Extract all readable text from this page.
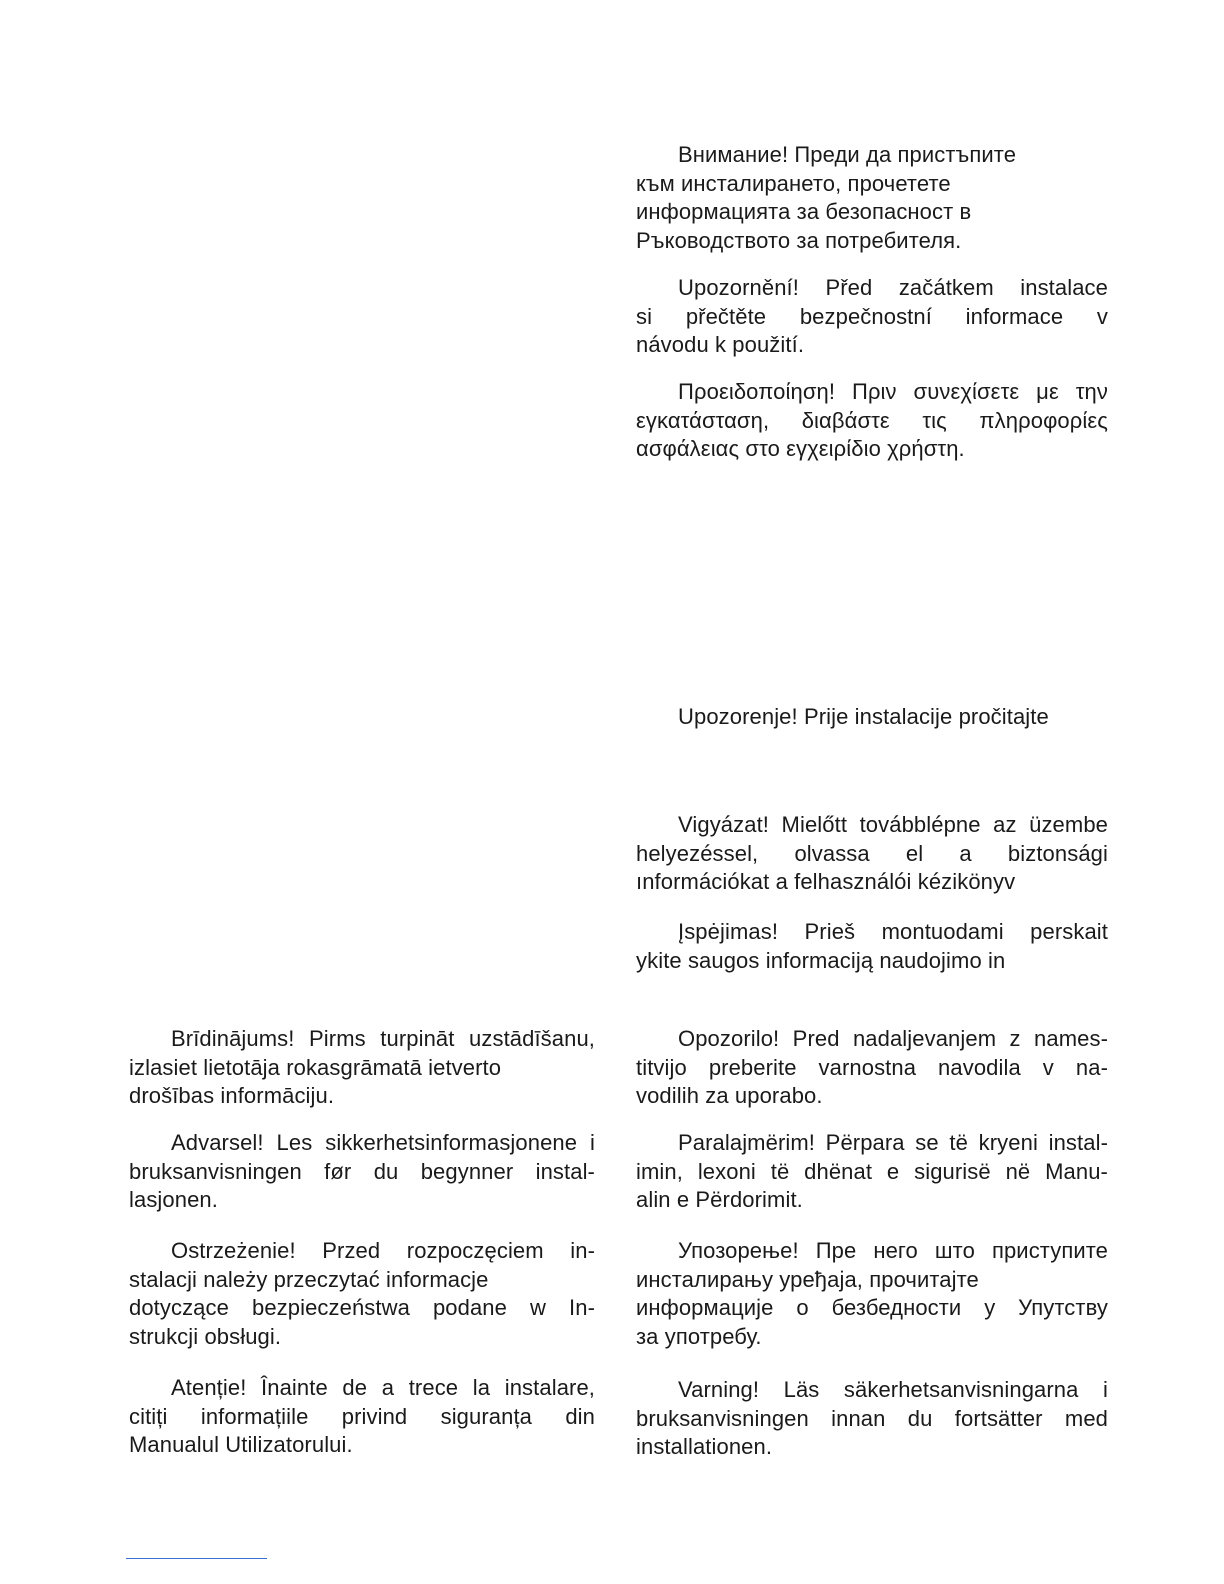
Внимание! Преди да пристъпите
към инсталирането, прочетете
информацията за безопасност в
Ръководството за потребителя.

Upozornění! Před začátkem instalace
si přečtěte bezpečnostní informace v
návodu k použití.

Προειδοποίηση! Πριν συνεχίσετε με την
εγκατάσταση, διαβάστε τις πληροφορίες
ασφάλειας στο εγχειρίδιο χρήστη.

Upozorenje! Prije instalacije pročitajte

Vigyázat! Mielőtt továbblépne az üzembe
helyezéssel, olvassa el a biztonsági
ınformációkat a felhasználói kézikönyv

Įspėjimas! Prieš montuodami perskait
ykite saugos informaciją naudojimo in

Opozorilo! Pred nadaljevanjem z names-
titvijo preberite varnostna navodila v na-
vodilih za uporabo.

Paralajmërim! Përpara se të kryeni instal-
imin, lexoni të dhënat e sigurisë në Manu-
alin e Përdorimit.

Упозорење! Пре него што приступите
инсталирању уређаја, прочитајте
информације о безбедности у Упутству
за употребу.

Varning! Läs säkerhetsanvisningarna i
bruksanvisningen innan du fortsätter med
installationen.

Brīdinājums! Pirms turpināt uzstādīšanu,
izlasiet lietotāja rokasgrāmatā ietverto
drošības informāciju.

Advarsel! Les sikkerhetsinformasjonene i
bruksanvisningen før du begynner instal-
lasjonen.

Ostrzeżenie! Przed rozpoczęciem in-
stalacji należy przeczytać informacje
dotyczące bezpieczeństwa podane w In-
strukcji obsługi.

Atenție! Înainte de a trece la instalare,
citiți informațiile privind siguranța din
Manualul Utilizatorului.
